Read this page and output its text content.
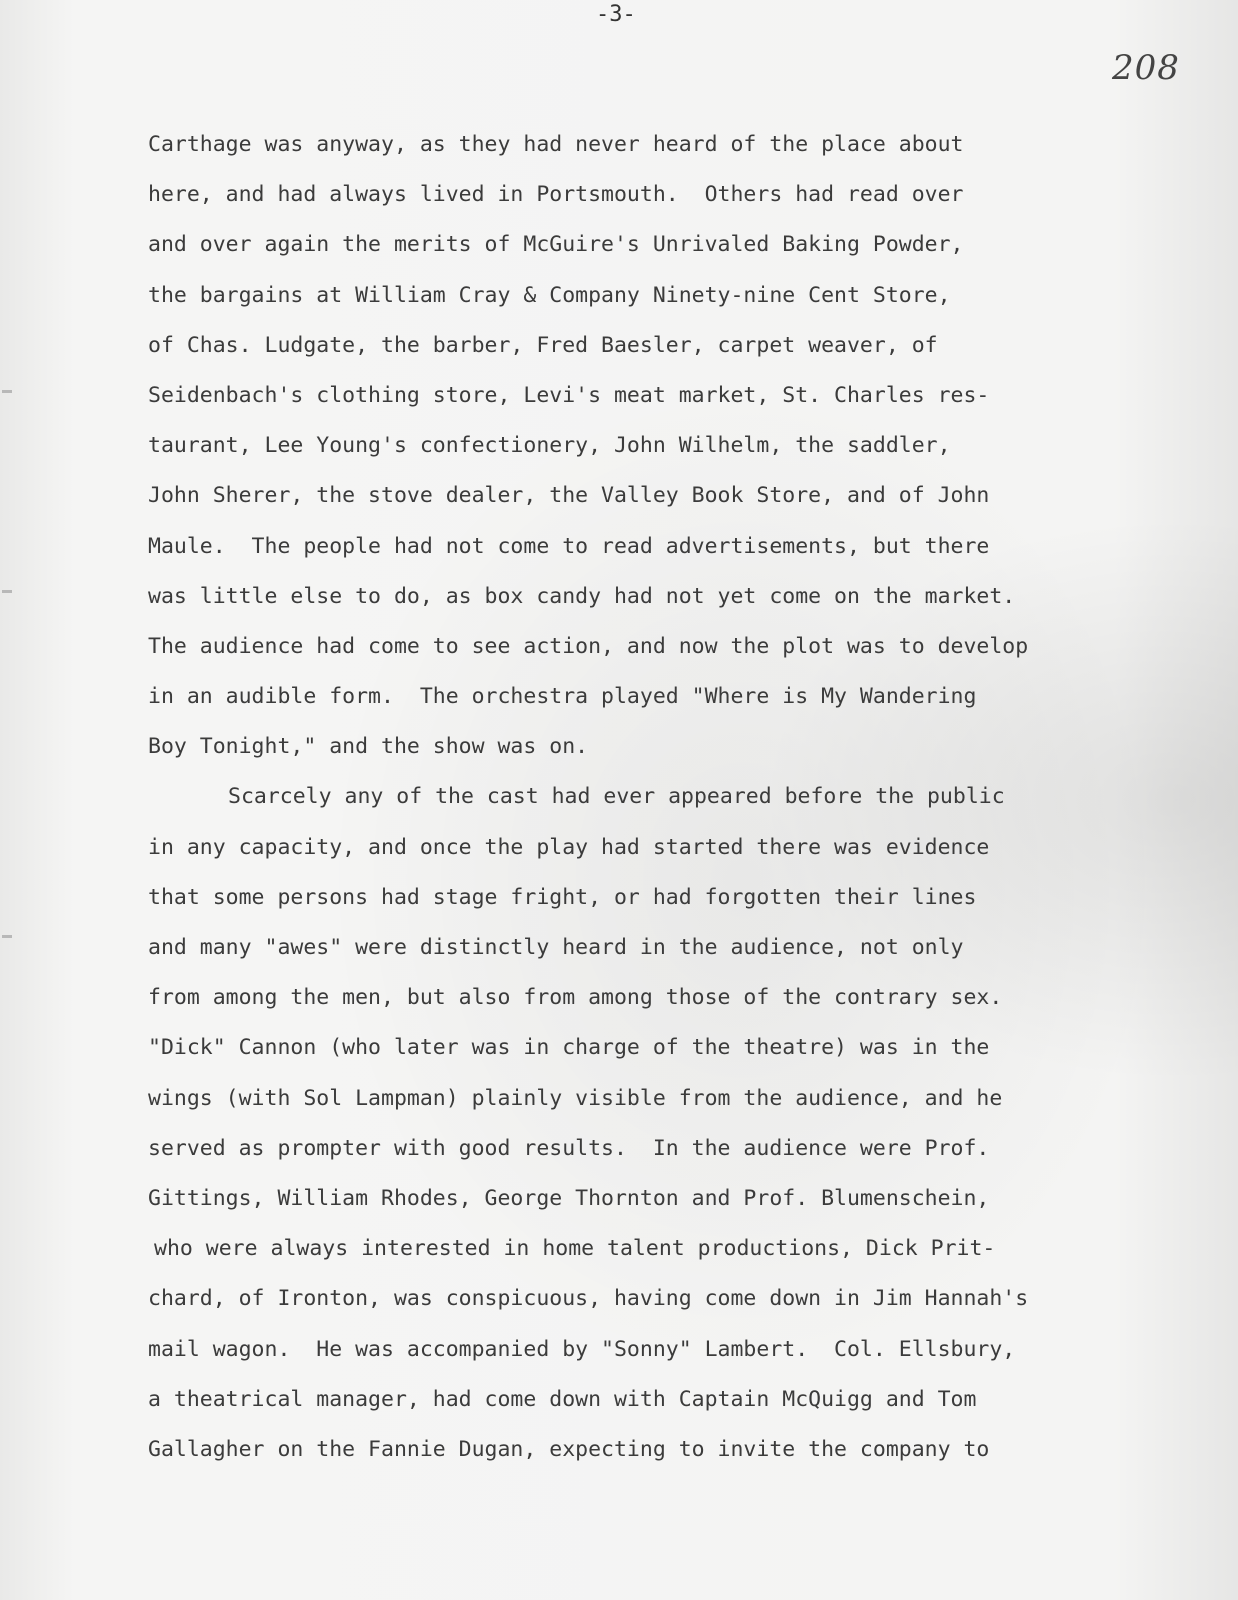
-3-
208
Carthage was anyway, as they had never heard of the place about
here, and had always lived in Portsmouth.  Others had read over
and over again the merits of McGuire's Unrivaled Baking Powder,
the bargains at William Cray & Company Ninety-nine Cent Store,
of Chas. Ludgate, the barber, Fred Baesler, carpet weaver, of
Seidenbach's clothing store, Levi's meat market, St. Charles res-
taurant, Lee Young's confectionery, John Wilhelm, the saddler,
John Sherer, the stove dealer, the Valley Book Store, and of John
Maule.  The people had not come to read advertisements, but there
was little else to do, as box candy had not yet come on the market.
The audience had come to see action, and now the plot was to develop
in an audible form.  The orchestra played "Where is My Wandering
Boy Tonight," and the show was on.
Scarcely any of the cast had ever appeared before the public
in any capacity, and once the play had started there was evidence
that some persons had stage fright, or had forgotten their lines
and many "awes" were distinctly heard in the audience, not only
from among the men, but also from among those of the contrary sex.
"Dick" Cannon (who later was in charge of the theatre) was in the
wings (with Sol Lampman) plainly visible from the audience, and he
served as prompter with good results.  In the audience were Prof.
Gittings, William Rhodes, George Thornton and Prof. Blumenschein,
who were always interested in home talent productions, Dick Prit-
chard, of Ironton, was conspicuous, having come down in Jim Hannah's
mail wagon.  He was accompanied by "Sonny" Lambert.  Col. Ellsbury,
a theatrical manager, had come down with Captain McQuigg and Tom
Gallagher on the Fannie Dugan, expecting to invite the company to
